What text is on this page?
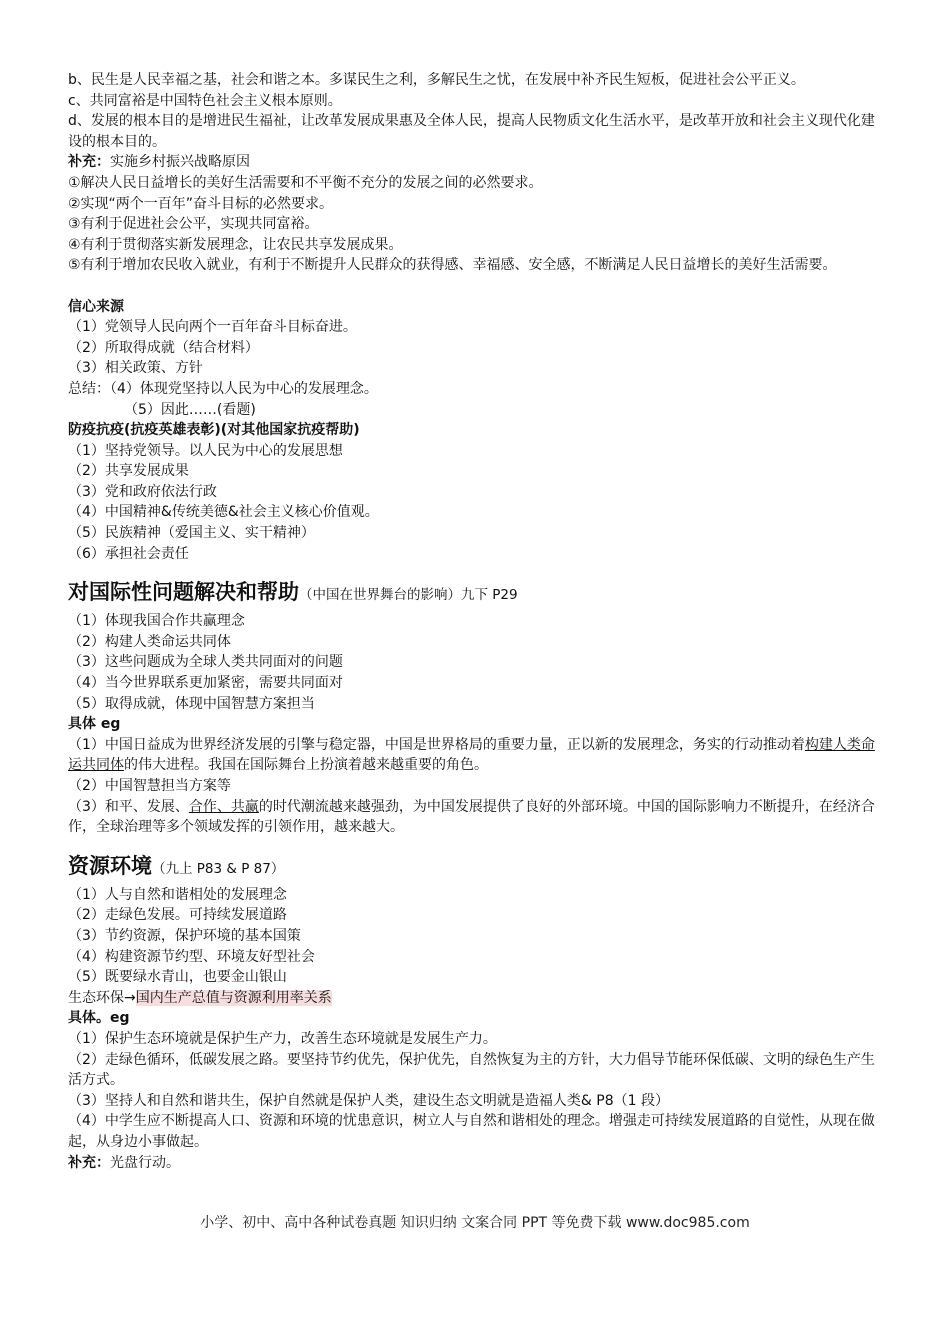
b、民生是人民幸福之基，社会和谐之本。多谋民生之利，多解民生之忧，在发展中补齐民生短板，促进社会公平正义。

c、共同富裕是中国特色社会主义根本原则。

d、发展的根本目的是增进民生福祉，让改革发展成果惠及全体人民，提高人民物质文化生活水平，是改革开放和社会主义现代化建设的根本目的。

补充：实施乡村振兴战略原因

①解决人民日益增长的美好生活需要和不平衡不充分的发展之间的必然要求。

②实现“两个一百年”奋斗目标的必然要求。

③有利于促进社会公平，实现共同富裕。

④有利于贯彻落实新发展理念，让农民共享发展成果。

⑤有利于增加农民收入就业，有利于不断提升人民群众的获得感、幸福感、安全感，不断满足人民日益增长的美好生活需要。

信心来源

（1）党领导人民向两个一百年奋斗目标奋进。

（2）所取得成就（结合材料）

（3）相关政策、方针

总结：（4）体现党坚持以人民为中心的发展理念。

（5）因此……(看题)

防疫抗疫(抗疫英雄表彰)(对其他国家抗疫帮助)

（1）坚持党领导。以人民为中心的发展思想

（2）共享发展成果

（3）党和政府依法行政

（4）中国精神&传统美德&社会主义核心价值观。

（5）民族精神（爱国主义、实干精神）

（6）承担社会责任

对国际性问题解决和帮助（中国在世界舞台的影响）九下 P29

（1）体现我国合作共赢理念

（2）构建人类命运共同体

（3）这些问题成为全球人类共同面对的问题

（4）当今世界联系更加紧密，需要共同面对

（5）取得成就，体现中国智慧方案担当

具体 eg

（1）中国日益成为世界经济发展的引擎与稳定器，中国是世界格局的重要力量，正以新的发展理念，务实的行动推动着构建人类命运共同体的伟大进程。我国在国际舞台上扮演着越来越重要的角色。

（2）中国智慧担当方案等

（3）和平、发展、合作、共赢的时代潮流越来越强劲，为中国发展提供了良好的外部环境。中国的国际影响力不断提升，在经济合作，全球治理等多个领域发挥的引领作用，越来越大。

资源环境（九上 P83 & P 87）

（1）人与自然和谐相处的发展理念

（2）走绿色发展。可持续发展道路

（3）节约资源，保护环境的基本国策

（4）构建资源节约型、环境友好型社会

（5）既要绿水青山，也要金山银山

生态环保→国内生产总值与资源利用率关系

具体。eg

（1）保护生态环境就是保护生产力，改善生态环境就是发展生产力。

（2）走绿色循环，低碳发展之路。要坚持节约优先，保护优先，自然恢复为主的方针，大力倡导节能环保低碳、文明的绿色生产生活方式。

（3）坚持人和自然和谐共生，保护自然就是保护人类，建设生态文明就是造福人类& P8（1 段）

（4）中学生应不断提高人口、资源和环境的忧患意识，树立人与自然和谐相处的理念。增强走可持续发展道路的自觉性，从现在做起，从身边小事做起。

补充：光盘行动。

小学、初中、高中各种试卷真题 知识归纳 文案合同 PPT 等免费下载 www.doc985.com
